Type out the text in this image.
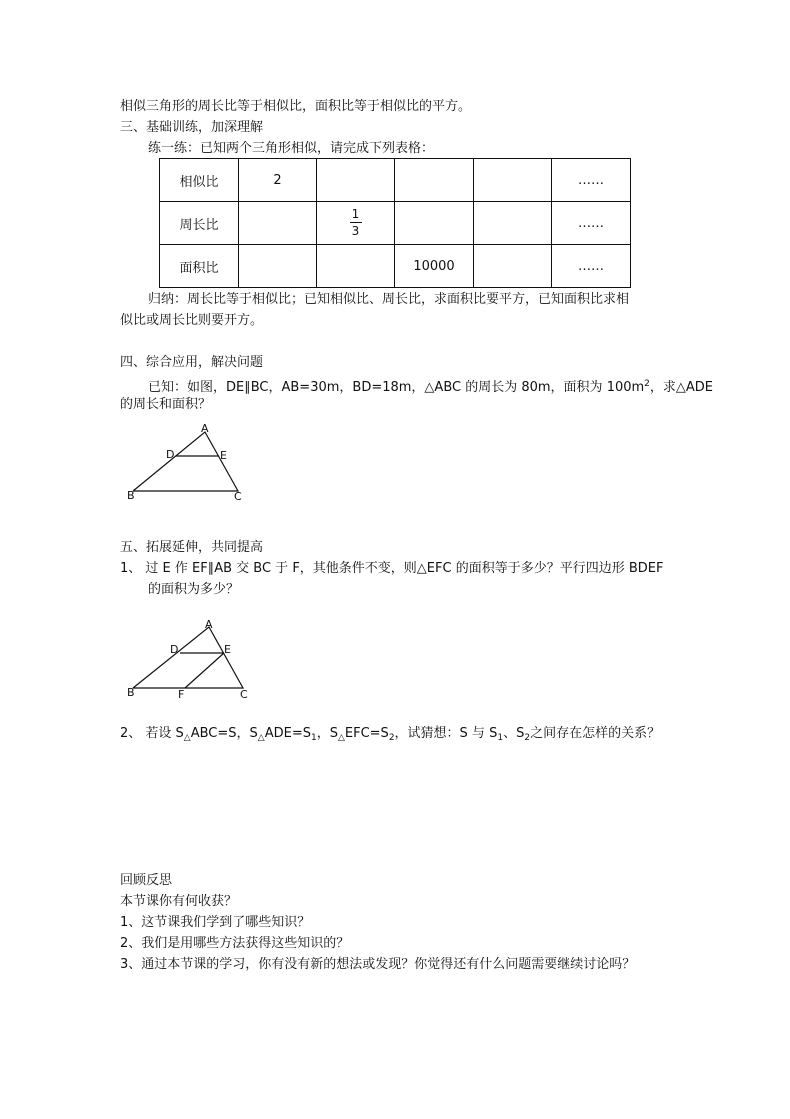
相似三角形的周长比等于相似比，面积比等于相似比的平方。
三、基础训练，加深理解
练一练：已知两个三角形相似，请完成下列表格：
相似比	2				……
周长比		$\frac{1}{3}$			……
面积比			10000		……
归纳：周长比等于相似比；已知相似比、周长比，求面积比要平方，已知面积比求相
似比或周长比则要开方。
四、综合应用，解决问题
已知：如图，DE∥BC，AB=30m，BD=18m，△ABC 的周长为 80m，面积为 $100m^2$，求△ADE
的周长和面积？
A
D	E
B	C
五、拓展延伸，共同提高
1、 过 E 作 EF∥AB 交 BC 于 F，其他条件不变，则△EFC 的面积等于多少？平行四边形 BDEF
的面积为多少？
A
D	E
B	F	C
2、 若设 $S_\triangle ABC=S$，$S_\triangle ADE=S_1$，$S_\triangle EFC=S_2$，试猜想：S 与 $S_1$、$S_2$之间存在怎样的关系？
回顾反思
本节课你有何收获？
1、这节课我们学到了哪些知识？
2、我们是用哪些方法获得这些知识的？
3、通过本节课的学习，你有没有新的想法或发现？你觉得还有什么问题需要继续讨论吗？
